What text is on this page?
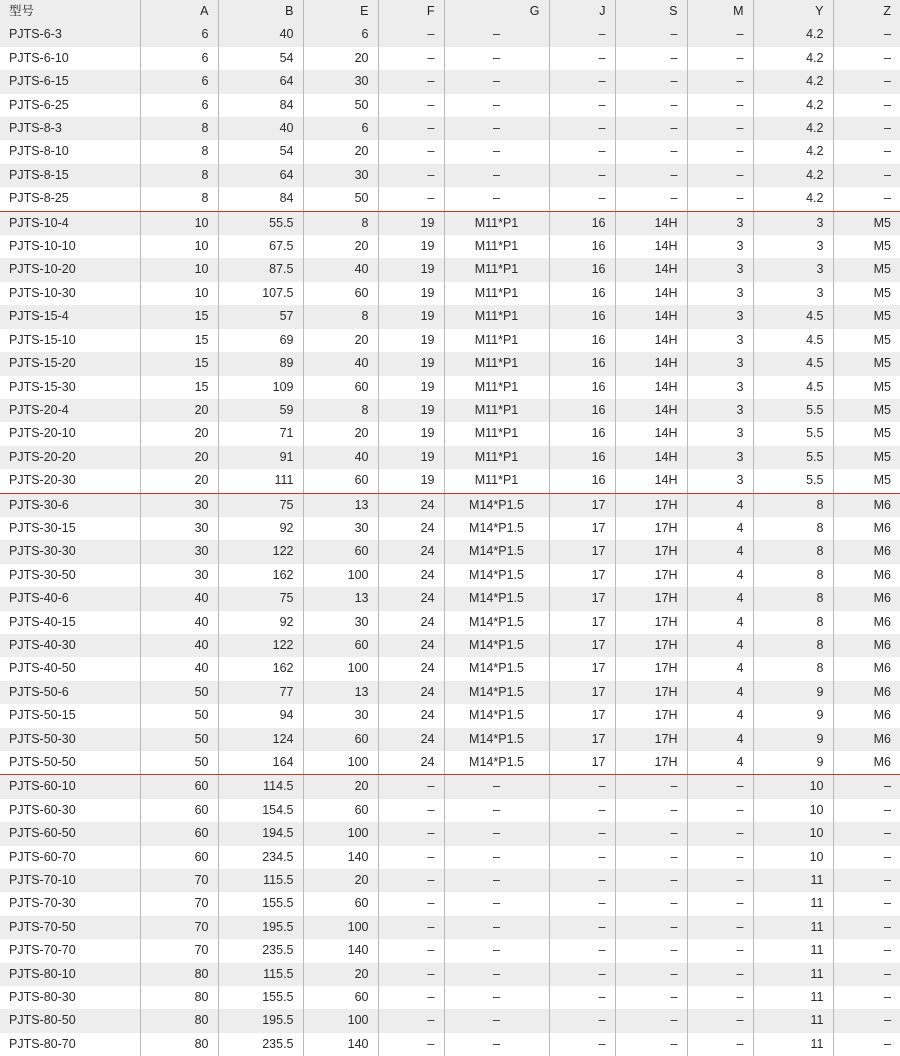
型号	A	B	E	F	G	J	S	M	Y	Z
PJTS-6-3	6	40	6	–	–	–	–	–	4.2	–
PJTS-6-10	6	54	20	–	–	–	–	–	4.2	–
PJTS-6-15	6	64	30	–	–	–	–	–	4.2	–
PJTS-6-25	6	84	50	–	–	–	–	–	4.2	–
PJTS-8-3	8	40	6	–	–	–	–	–	4.2	–
PJTS-8-10	8	54	20	–	–	–	–	–	4.2	–
PJTS-8-15	8	64	30	–	–	–	–	–	4.2	–
PJTS-8-25	8	84	50	–	–	–	–	–	4.2	–
PJTS-10-4	10	55.5	8	19	M11*P1	16	14H	3	3	M5
PJTS-10-10	10	67.5	20	19	M11*P1	16	14H	3	3	M5
PJTS-10-20	10	87.5	40	19	M11*P1	16	14H	3	3	M5
PJTS-10-30	10	107.5	60	19	M11*P1	16	14H	3	3	M5
PJTS-15-4	15	57	8	19	M11*P1	16	14H	3	4.5	M5
PJTS-15-10	15	69	20	19	M11*P1	16	14H	3	4.5	M5
PJTS-15-20	15	89	40	19	M11*P1	16	14H	3	4.5	M5
PJTS-15-30	15	109	60	19	M11*P1	16	14H	3	4.5	M5
PJTS-20-4	20	59	8	19	M11*P1	16	14H	3	5.5	M5
PJTS-20-10	20	71	20	19	M11*P1	16	14H	3	5.5	M5
PJTS-20-20	20	91	40	19	M11*P1	16	14H	3	5.5	M5
PJTS-20-30	20	111	60	19	M11*P1	16	14H	3	5.5	M5
PJTS-30-6	30	75	13	24	M14*P1.5	17	17H	4	8	M6
PJTS-30-15	30	92	30	24	M14*P1.5	17	17H	4	8	M6
PJTS-30-30	30	122	60	24	M14*P1.5	17	17H	4	8	M6
PJTS-30-50	30	162	100	24	M14*P1.5	17	17H	4	8	M6
PJTS-40-6	40	75	13	24	M14*P1.5	17	17H	4	8	M6
PJTS-40-15	40	92	30	24	M14*P1.5	17	17H	4	8	M6
PJTS-40-30	40	122	60	24	M14*P1.5	17	17H	4	8	M6
PJTS-40-50	40	162	100	24	M14*P1.5	17	17H	4	8	M6
PJTS-50-6	50	77	13	24	M14*P1.5	17	17H	4	9	M6
PJTS-50-15	50	94	30	24	M14*P1.5	17	17H	4	9	M6
PJTS-50-30	50	124	60	24	M14*P1.5	17	17H	4	9	M6
PJTS-50-50	50	164	100	24	M14*P1.5	17	17H	4	9	M6
PJTS-60-10	60	114.5	20	–	–	–	–	–	10	–
PJTS-60-30	60	154.5	60	–	–	–	–	–	10	–
PJTS-60-50	60	194.5	100	–	–	–	–	–	10	–
PJTS-60-70	60	234.5	140	–	–	–	–	–	10	–
PJTS-70-10	70	115.5	20	–	–	–	–	–	11	–
PJTS-70-30	70	155.5	60	–	–	–	–	–	11	–
PJTS-70-50	70	195.5	100	–	–	–	–	–	11	–
PJTS-70-70	70	235.5	140	–	–	–	–	–	11	–
PJTS-80-10	80	115.5	20	–	–	–	–	–	11	–
PJTS-80-30	80	155.5	60	–	–	–	–	–	11	–
PJTS-80-50	80	195.5	100	–	–	–	–	–	11	–
PJTS-80-70	80	235.5	140	–	–	–	–	–	11	–
